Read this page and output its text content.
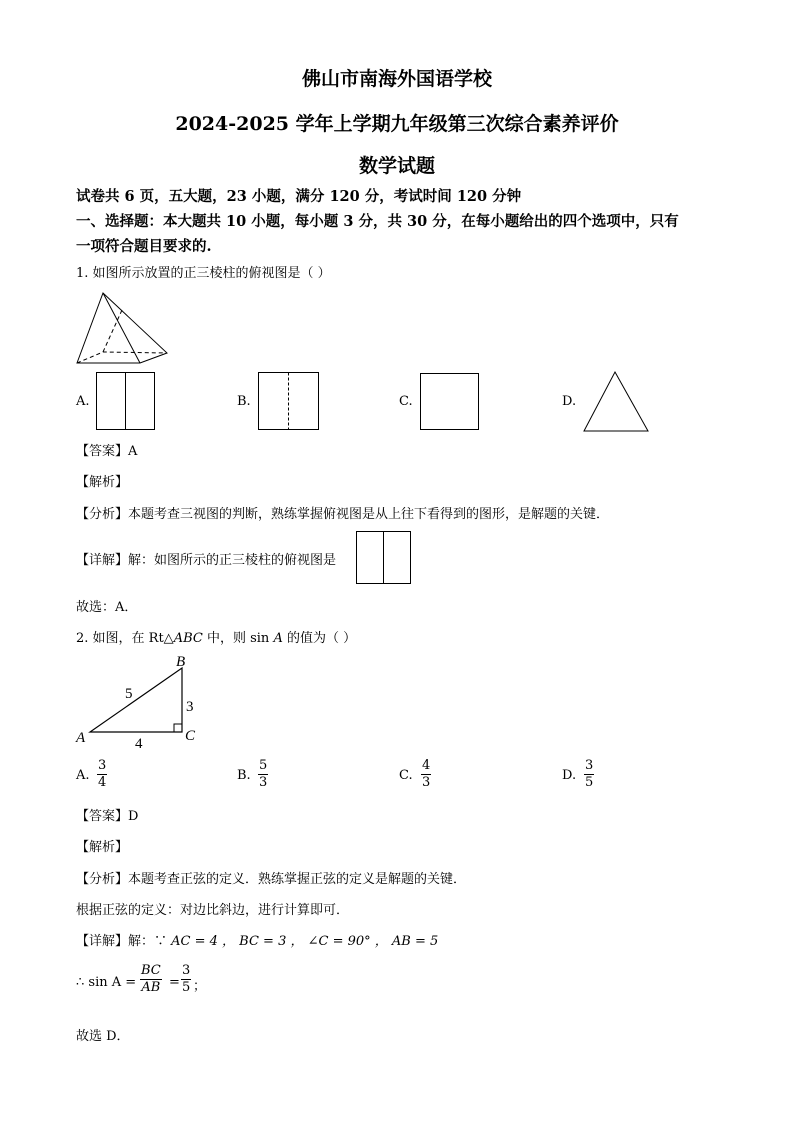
佛山市南海外国语学校
2024-2025 学年上学期九年级第三次综合素养评价
数学试题
试卷共 6 页，五大题，23 小题，满分 120 分，考试时间 120 分钟
一、选择题：本大题共 10 小题，每小题 3 分，共 30 分，在每小题给出的四个选项中，只有
一项符合题目要求的.
1. 如图所示放置的正三棱柱的俯视图是（ ）
A.	B.	C.	D.
【答案】A
【解析】
【分析】本题考查三视图的判断，熟练掌握俯视图是从上往下看得到的图形，是解题的关键．
【详解】解：如图所示的正三棱柱的俯视图是
故选：A．
2. 如图，在 Rt△ABC 中，则 sin A 的值为（ ）
B
A	C
5
3
4
A. $\frac{3}{4}$	B. $\frac{5}{3}$	C. $\frac{4}{3}$	D. $\frac{3}{5}$
【答案】D
【解析】
【分析】本题考查正弦的定义．熟练掌握正弦的定义是解题的关键．
根据正弦的定义：对边比斜边，进行计算即可．
【详解】解：∵ AC = 4 ， BC = 3 ， ∠C = 90° ， AB = 5
∴ $\sin A = \frac{BC}{AB} = \frac{3}{5}$ ；
故选 D．
